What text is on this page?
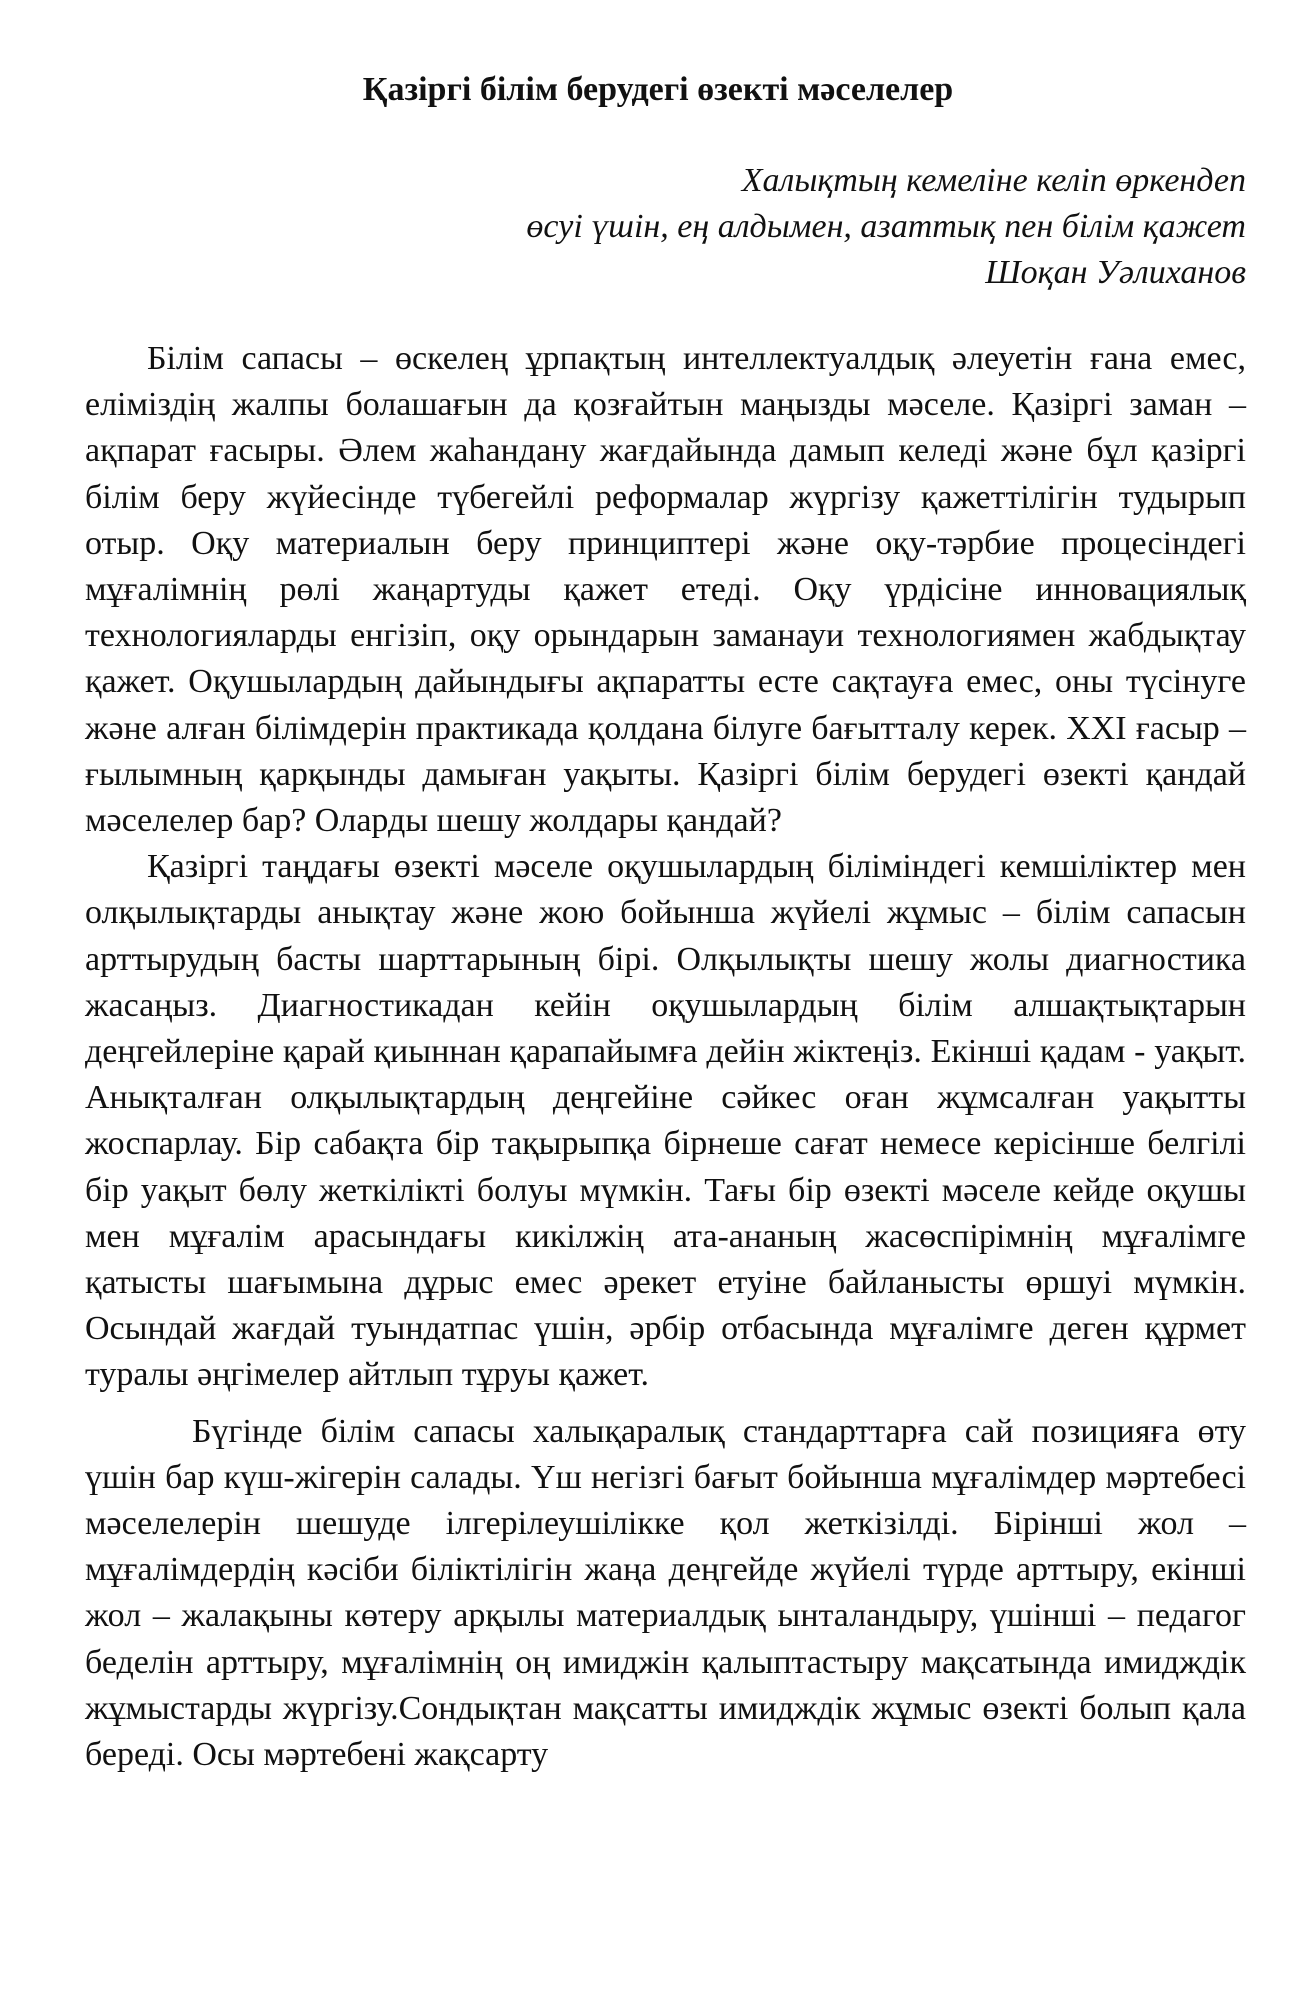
Қазіргі білім берудегі өзекті мәселелер
Халықтың кемеліне келіп өркендеп
өсуі үшін, ең алдымен, азаттық пен білім қажет
Шоқан Уәлиханов

Білім сапасы – өскелең ұрпақтың интеллектуалдық әлеуетін ғана емес, еліміздің жалпы болашағын да қозғайтын маңызды мәселе. Қазіргі заман – ақпарат ғасыры. Әлем жаһандану жағдайында дамып келеді және бұл қазіргі білім беру жүйесінде түбегейлі реформалар жүргізу қажеттілігін тудырып отыр. Оқу материалын беру принциптері және оқу-тәрбие процесіндегі мұғалімнің рөлі жаңартуды қажет етеді. Оқу үрдісіне инновациялық технологияларды енгізіп, оқу орындарын заманауи технологиямен жабдықтау қажет. Оқушылардың дайындығы ақпаратты есте сақтауға емес, оны түсінуге және алған білімдерін практикада қолдана білуге бағытталу керек. XXI ғасыр – ғылымның қарқынды дамыған уақыты. Қазіргі білім берудегі өзекті қандай мәселелер бар? Оларды шешу жолдары қандай?

Қазіргі таңдағы өзекті мәселе оқушылардың біліміндегі кемшіліктер мен олқылықтарды анықтау және жою бойынша жүйелі жұмыс – білім сапасын арттырудың басты шарттарының бірі. Олқылықты шешу жолы диагностика жасаңыз. Диагностикадан кейін оқушылардың білім алшақтықтарын деңгейлеріне қарай қиыннан қарапайымға дейін жіктеңіз. Екінші қадам - уақыт. Анықталған олқылықтардың деңгейіне сәйкес оған жұмсалған уақытты жоспарлау. Бір сабақта бір тақырыпқа бірнеше сағат немесе керісінше белгілі бір уақыт бөлу жеткілікті болуы мүмкін. Тағы бір өзекті мәселе кейде оқушы мен мұғалім арасындағы кикілжің ата-ананың жасөспірімнің мұғалімге қатысты шағымына дұрыс емес әрекет етуіне байланысты өршуі мүмкін. Осындай жағдай туындатпас үшін, әрбір отбасында мұғалімге деген құрмет туралы әңгімелер айтлып тұруы қажет.

Бүгінде білім сапасы халықаралық стандарттарға сай позицияға өту үшін бар күш-жігерін салады. Үш негізгі бағыт бойынша мұғалімдер мәртебесі мәселелерін шешуде ілгерілеушілікке қол жеткізілді. Бірінші жол – мұғалімдердің кәсіби біліктілігін жаңа деңгейде жүйелі түрде арттыру, екінші жол – жалақыны көтеру арқылы материалдық ынталандыру, үшінші – педагог беделін арттыру, мұғалімнің оң имиджін қалыптастыру мақсатында имидждік жұмыстарды жүргізу.Сондықтан мақсатты имидждік жұмыс өзекті болып қала береді. Осы мәртебені жақсарту
